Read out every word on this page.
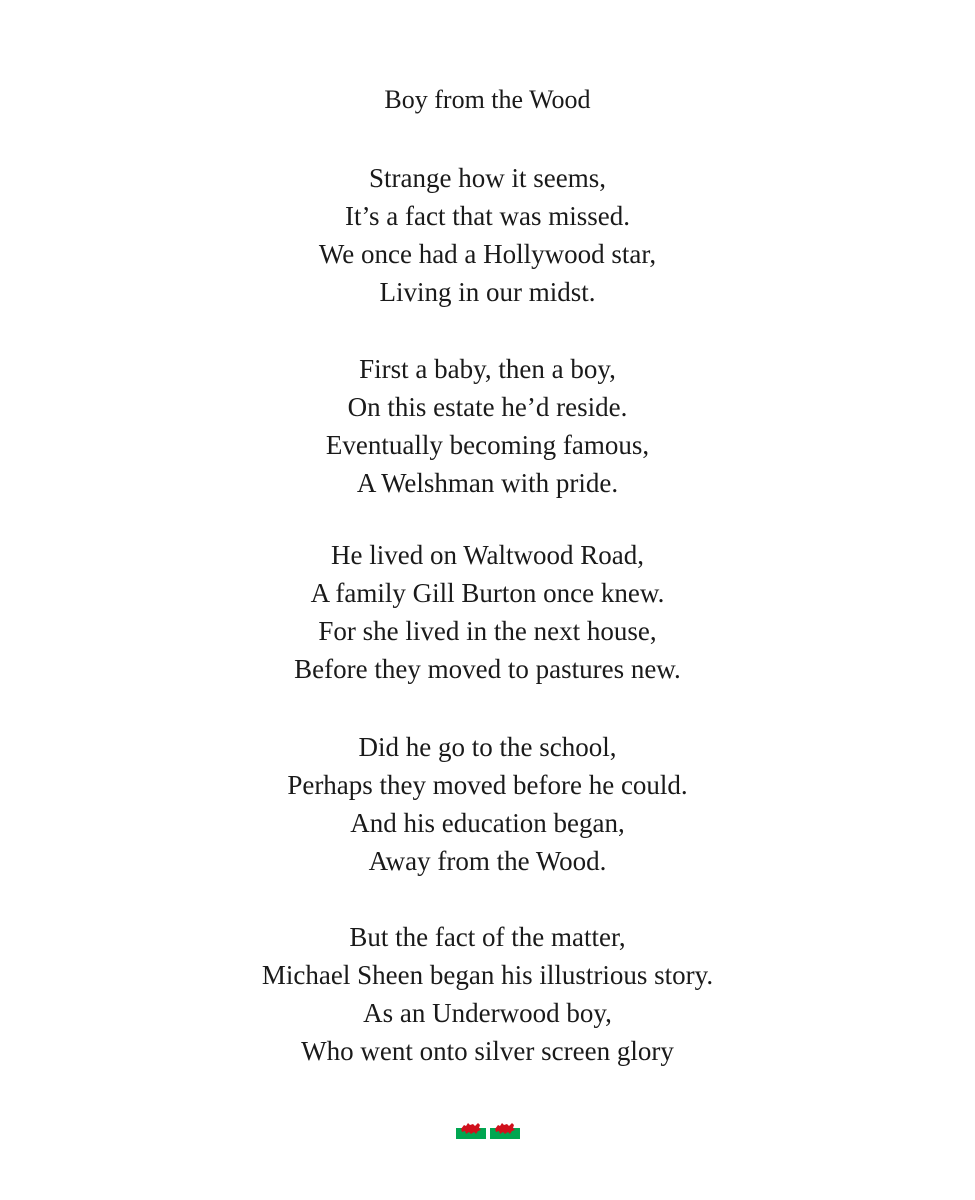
Boy from the Wood
Strange how it seems,
It’s a fact that was missed.
We once had a Hollywood star,
Living in our midst.
First a baby, then a boy,
On this estate he’d reside.
Eventually becoming famous,
A Welshman with pride.
He lived on Waltwood Road,
A family Gill Burton once knew.
For she lived in the next house,
Before they moved to pastures new.
Did he go to the school,
Perhaps they moved before he could.
And his education began,
Away from the Wood.
But the fact of the matter,
Michael Sheen began his illustrious story.
As an Underwood boy,
Who went onto silver screen glory
